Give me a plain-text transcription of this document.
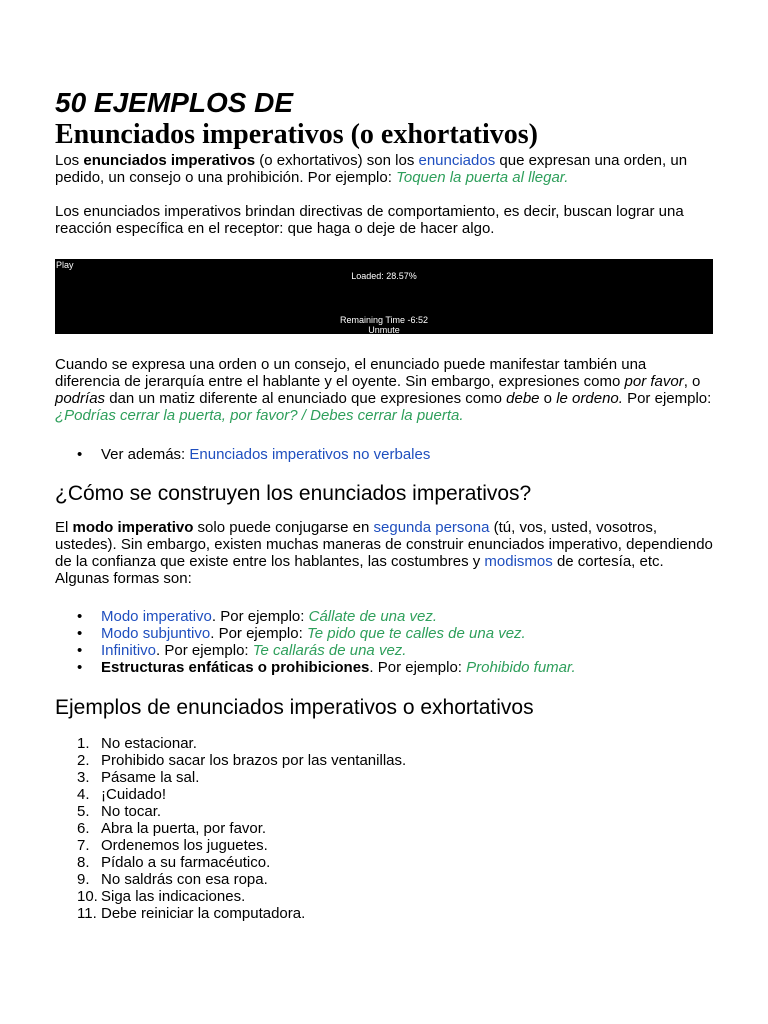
50 EJEMPLOS DE
Enunciados imperativos (o exhortativos)

Los enunciados imperativos (o exhortativos) son los enunciados que expresan una orden, un pedido, un consejo o una prohibición. Por ejemplo: Toquen la puerta al llegar.

Los enunciados imperativos brindan directivas de comportamiento, es decir, buscan lograr una reacción específica en el receptor: que haga o deje de hacer algo.

Play
Loaded: 28.57%
Remaining Time -6:52
Unmute

Cuando se expresa una orden o un consejo, el enunciado puede manifestar también una diferencia de jerarquía entre el hablante y el oyente. Sin embargo, expresiones como por favor, o podrías dan un matiz diferente al enunciado que expresiones como debe o le ordeno. Por ejemplo: ¿Podrías cerrar la puerta, por favor? / Debes cerrar la puerta.

• Ver además: Enunciados imperativos no verbales
¿Cómo se construyen los enunciados imperativos?

El modo imperativo solo puede conjugarse en segunda persona (tú, vos, usted, vosotros, ustedes). Sin embargo, existen muchas maneras de construir enunciados imperativo, dependiendo de la confianza que existe entre los hablantes, las costumbres y modismos de cortesía, etc. Algunas formas son:

• Modo imperativo. Por ejemplo: Cállate de una vez.
• Modo subjuntivo. Por ejemplo: Te pido que te calles de una vez.
• Infinitivo. Por ejemplo: Te callarás de una vez.
• Estructuras enfáticas o prohibiciones. Por ejemplo: Prohibido fumar.
Ejemplos de enunciados imperativos o exhortativos
1. No estacionar.
2. Prohibido sacar los brazos por las ventanillas.
3. Pásame la sal.
4. ¡Cuidado!
5. No tocar.
6. Abra la puerta, por favor.
7. Ordenemos los juguetes.
8. Pídalo a su farmacéutico.
9. No saldrás con esa ropa.
10. Siga las indicaciones.
11. Debe reiniciar la computadora.
